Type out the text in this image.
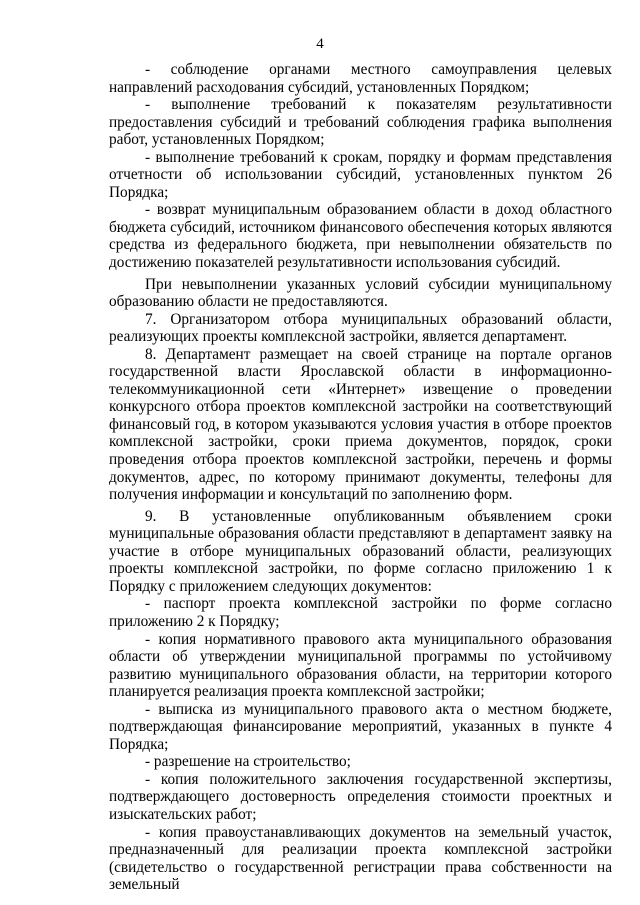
4

- соблюдение органами местного самоуправления целевых направлений расходования субсидий, установленных Порядком;

- выполнение требований к показателям результативности предоставления субсидий и требований соблюдения графика выполнения работ, установленных Порядком;

- выполнение требований к срокам, порядку и формам представления отчетности об использовании субсидий, установленных пунктом 26 Порядка;

- возврат муниципальным образованием области в доход областного бюджета субсидий, источником финансового обеспечения которых являются средства из федерального бюджета, при невыполнении обязательств по достижению показателей результативности использования субсидий.

При невыполнении указанных условий субсидии муниципальному образованию области не предоставляются.

7. Организатором отбора муниципальных образований области, реализующих проекты комплексной застройки, является департамент.

8. Департамент размещает на своей странице на портале органов государственной власти Ярославской области в информационно-телекоммуникационной сети «Интернет» извещение о проведении конкурсного отбора проектов комплексной застройки на соответствующий финансовый год, в котором указываются условия участия в отборе проектов комплексной застройки, сроки приема документов, порядок, сроки проведения отбора проектов комплексной застройки, перечень и формы документов, адрес, по которому принимают документы, телефоны для получения информации и консультаций по заполнению форм.

9. В установленные опубликованным объявлением сроки муниципальные образования области представляют в департамент заявку на участие в отборе муниципальных образований области, реализующих проекты комплексной застройки, по форме согласно приложению 1 к Порядку с приложением следующих документов:

- паспорт проекта комплексной застройки по форме согласно приложению 2 к Порядку;

- копия нормативного правового акта муниципального образования области об утверждении муниципальной программы по устойчивому развитию муниципального образования области, на территории которого планируется реализация проекта комплексной застройки;

- выписка из муниципального правового акта о местном бюджете, подтверждающая финансирование мероприятий, указанных в пункте 4 Порядка;

- разрешение на строительство;

- копия положительного заключения государственной экспертизы, подтверждающего достоверность определения стоимости проектных и изыскательских работ;

- копия правоустанавливающих документов на земельный участок, предназначенный для реализации проекта комплексной застройки (свидетельство о государственной регистрации права собственности на земельный
